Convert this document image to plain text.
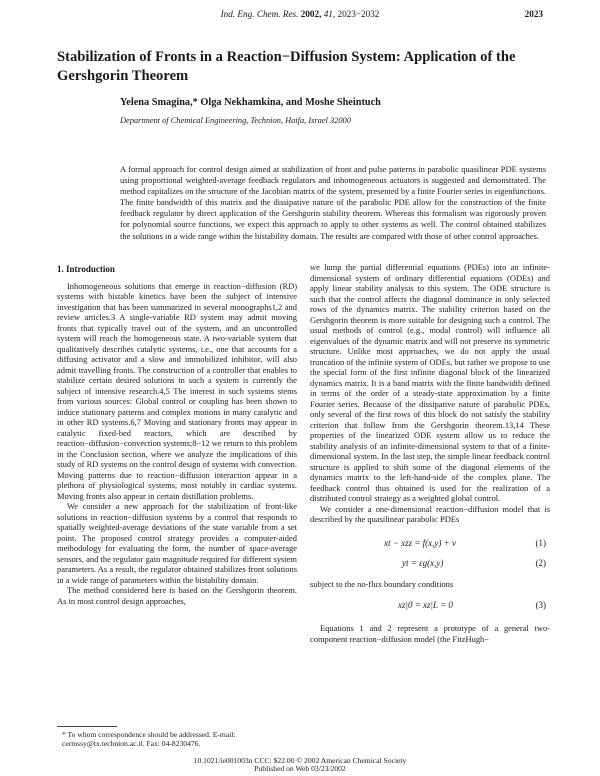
Ind. Eng. Chem. Res. 2002, 41, 2023−2032	2023
Stabilization of Fronts in a Reaction−Diffusion System: Application of the Gershgorin Theorem
Yelena Smagina,* Olga Nekhamkina, and Moshe Sheintuch
Department of Chemical Engineering, Technion, Haifa, Israel 32000
A formal approach for control design aimed at stabilization of front and pulse patterns in parabolic quasilinear PDE systems using proportional weighted-average feedback regulators and inhomogeneous actuators is suggested and demonstrated. The method capitalizes on the structure of the Jacobian matrix of the system, presented by a finite Fourier series in eigenfunctions. The finite bandwidth of this matrix and the dissipative nature of the parabolic PDE allow for the construction of the finite feedback regulator by direct application of the Gershgorin stability theorem. Whereas this formalism was rigorously proven for polynomial source functions, we expect this approach to apply to other systems as well. The control obtained stabilizes the solutions in a wide range within the bistability domain. The results are compared with those of other control approaches.
1. Introduction

Inhomogeneous solutions that emerge in reaction−diffusion (RD) systems with bistable kinetics have been the subject of intensive investigation that has been summarized in several monographs1,2 and review articles.3 A single-variable RD system may admit moving fronts that typically travel out of the system, and an uncontrolled system will reach the homogeneous state. A two-variable system that qualitatively describes catalytic systems, i.e., one that accounts for a diffusing activator and a slow and immobilized inhibitor, will also admit travelling fronts. The construction of a controller that enables to stabilize certain desired solutions in such a system is currently the subject of intensive research.4,5 The interest in such systems stems from various sources: Global control or coupling has been shown to induce stationary patterns and complex motions in many catalytic and in other RD systems.6,7 Moving and stationary fronts may appear in catalytic fixed-bed reactors, which are described by reaction−diffusion−convection systems;8−12 we return to this problem in the Conclusion section, where we analyze the implications of this study of RD systems on the control design of systems with convection. Moving patterns due to reaction−diffusion interaction appear in a plethora of physiological systems, most notably in cardiac systems. Moving fronts also appear in certain distillation problems.

We consider a new approach for the stabilization of front-like solutions in reaction−diffusion systems by a control that responds to spatially weighted-average deviations of the state variable from a set point. The proposed control strategy provides a computer-aided methodology for evaluating the form, the number of space-average sensors, and the regulator gain magnitude required for different system parameters. As a result, the regulator obtained stabilizes front solutions in a wide range of parameters within the bistability domain.

The method considered here is based on the Gershgorin theorem. As in most control design approaches,

we lump the partial differential equations (PDEs) into an infinite-dimensional system of ordinary differential equations (ODEs) and apply linear stability analysis to this system. The ODE structure is such that the control affects the diagonal dominance in only selected rows of the dynamics matrix. The stability criterion based on the Gershgorin theorem is more suitable for designing such a control. The usual methods of control (e.g., modal control) will influence all eigenvalues of the dynamic matrix and will not preserve its symmetric structure. Unlike most approaches, we do not apply the usual truncation of the infinite system of ODEs, but rather we propose to use the special form of the first infinite diagonal block of the linearized dynamics matrix. It is a band matrix with the finite bandwidth defined in terms of the order of a steady-state approximation by a finite Fourier series. Because of the dissipative nature of parabolic PDEs, only several of the first rows of this block do not satisfy the stability criterion that follow from the Gershgorin theorem.13,14 These properties of the linearized ODE system allow us to reduce the stability analysis of an infinite-dimensional system to that of a finite-dimensional system. In the last step, the simple linear feedback control structure is applied to shift some of the diagonal elements of the dynamics matrix to the left-hand-side of the complex plane. The feedback control thus obtained is used for the realization of a distributed control strategy as a weighted global control.

We consider a one-dimensional reaction−diffusion model that is described by the quasilinear parabolic PDEs

xt − xzz = f(x,y) + v	(1)
yt = εg(x,y)	(2)

subject to the no-flux boundary conditions

xz|0 = xz|L = 0	(3)

Equations 1 and 2 represent a prototype of a general two-component reaction−diffusion model (the FitzHugh−

* To whom correspondence should be addressed. E-mail: cermssy@tx.technion.ac.il. Fax: 04-8230476.
10.1021/ie001003n CCC: $22.00 © 2002 American Chemical Society
Published on Web 03/23/2002
